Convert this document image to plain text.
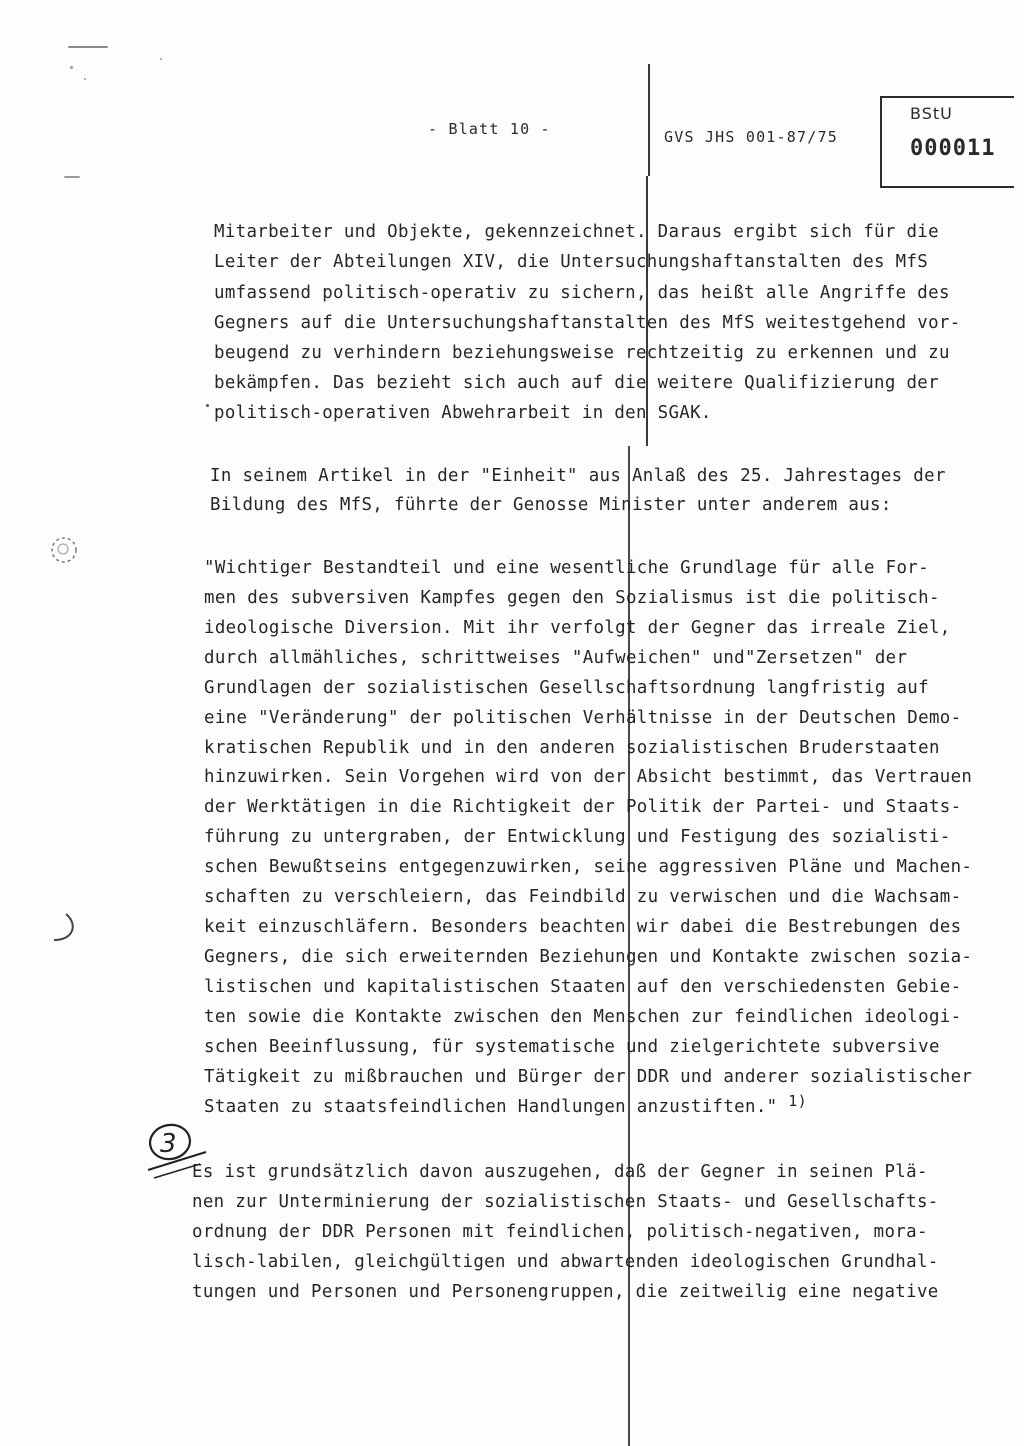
- Blatt 10 -	GVS JHS 001-87/75
BStU
000011
Mitarbeiter und Objekte, gekennzeichnet. Daraus ergibt sich für die
Leiter der Abteilungen XIV, die Untersuchungshaftanstalten des MfS
umfassend politisch-operativ zu sichern, das heißt alle Angriffe des
Gegners auf die Untersuchungshaftanstalten des MfS weitestgehend vor-
beugend zu verhindern beziehungsweise rechtzeitig zu erkennen und zu
bekämpfen. Das bezieht sich auch auf die weitere Qualifizierung der
politisch-operativen Abwehrarbeit in den SGAK.
In seinem Artikel in der "Einheit" aus Anlaß des 25. Jahrestages der
Bildung des MfS, führte der Genosse Minister unter anderem aus:
"Wichtiger Bestandteil und eine wesentliche Grundlage für alle For-
men des subversiven Kampfes gegen den Sozialismus ist die politisch-
ideologische Diversion. Mit ihr verfolgt der Gegner das irreale Ziel,
durch allmähliches, schrittweises "Aufweichen" und"Zersetzen" der
Grundlagen der sozialistischen Gesellschaftsordnung langfristig auf
eine "Veränderung" der politischen Verhältnisse in der Deutschen Demo-
kratischen Republik und in den anderen sozialistischen Bruderstaaten
hinzuwirken. Sein Vorgehen wird von der Absicht bestimmt, das Vertrauen
der Werktätigen in die Richtigkeit der Politik der Partei- und Staats-
führung zu untergraben, der Entwicklung und Festigung des sozialisti-
schen Bewußtseins entgegenzuwirken, seine aggressiven Pläne und Machen-
schaften zu verschleiern, das Feindbild zu verwischen und die Wachsam-
keit einzuschläfern. Besonders beachten wir dabei die Bestrebungen des
Gegners, die sich erweiternden Beziehungen und Kontakte zwischen sozia-
listischen und kapitalistischen Staaten auf den verschiedensten Gebie-
ten sowie die Kontakte zwischen den Menschen zur feindlichen ideologi-
schen Beeinflussung, für systematische und zielgerichtete subversive
Tätigkeit zu mißbrauchen und Bürger der DDR und anderer sozialistischer
Staaten zu staatsfeindlichen Handlungen anzustiften." 1)
3
Es ist grundsätzlich davon auszugehen, daß der Gegner in seinen Plä-
nen zur Unterminierung der sozialistischen Staats- und Gesellschafts-
ordnung der DDR Personen mit feindlichen, politisch-negativen, mora-
lisch-labilen, gleichgültigen und abwartenden ideologischen Grundhal-
tungen und Personen und Personengruppen, die zeitweilig eine negative
